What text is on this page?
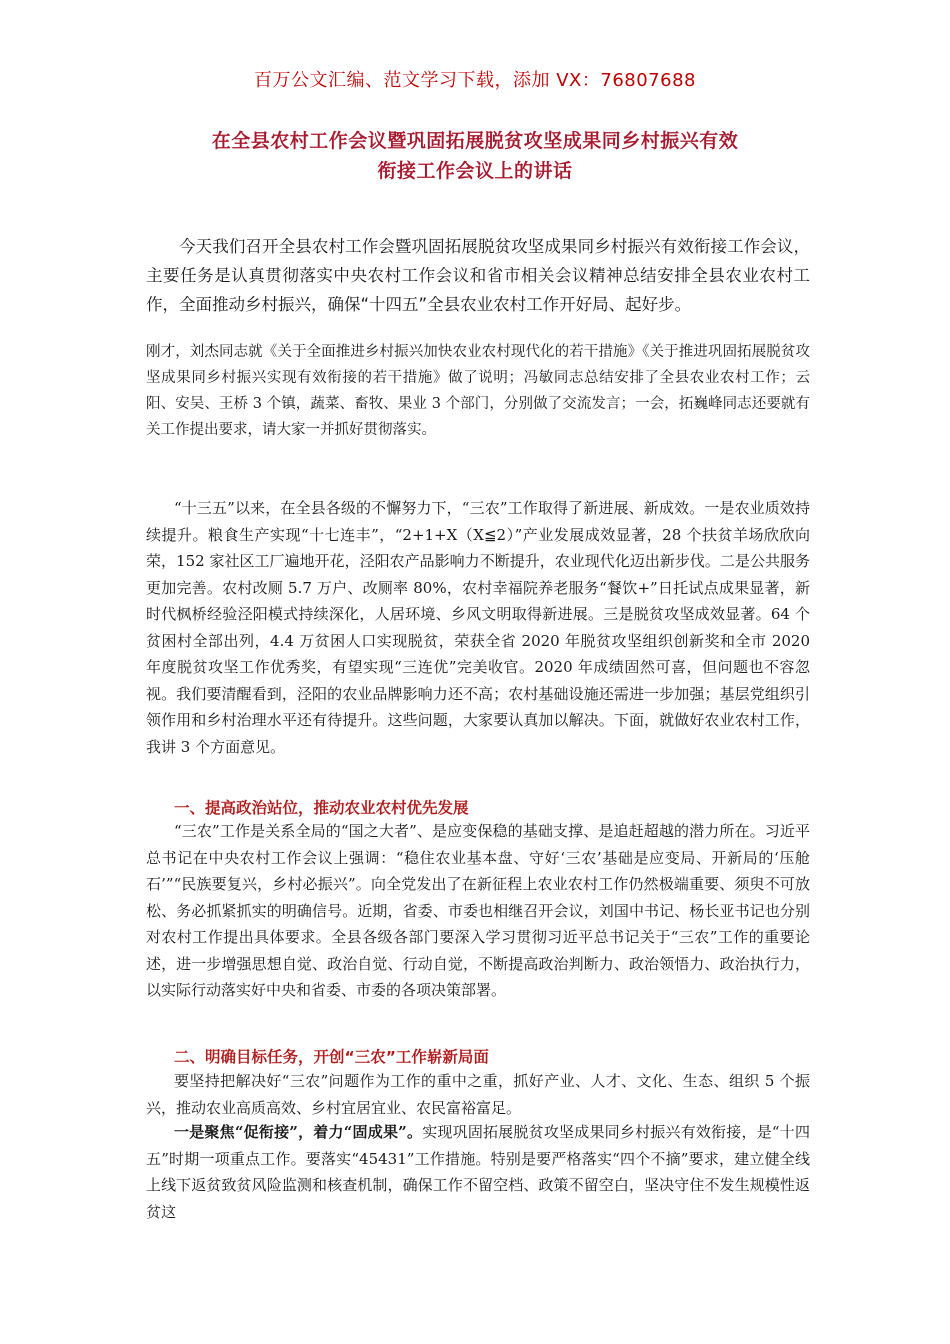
百万公文汇编、范文学习下载，添加 VX：76807688
在全县农村工作会议暨巩固拓展脱贫攻坚成果同乡村振兴有效
衔接工作会议上的讲话

今天我们召开全县农村工作会暨巩固拓展脱贫攻坚成果同乡村振兴有效衔接工作会议，主要任务是认真贯彻落实中央农村工作会议和省市相关会议精神总结安排全县农业农村工作，全面推动乡村振兴，确保“十四五”全县农业农村工作开好局、起好步。

刚才，刘杰同志就《关于全面推进乡村振兴加快农业农村现代化的若干措施》《关于推进巩固拓展脱贫攻坚成果同乡村振兴实现有效衔接的若干措施》做了说明；冯敏同志总结安排了全县农业农村工作；云阳、安吴、王桥 3 个镇，蔬菜、畜牧、果业 3 个部门，分别做了交流发言；一会，拓巍峰同志还要就有关工作提出要求，请大家一并抓好贯彻落实。

“十三五”以来，在全县各级的不懈努力下，“三农”工作取得了新进展、新成效。一是农业质效持续提升。粮食生产实现“十七连丰”，“2+1+X（X≦2）”产业发展成效显著，28 个扶贫羊场欣欣向荣，152 家社区工厂遍地开花，泾阳农产品影响力不断提升，农业现代化迈出新步伐。二是公共服务更加完善。农村改厕 5.7 万户、改厕率 80%，农村幸福院养老服务“餐饮+”日托试点成果显著，新时代枫桥经验泾阳模式持续深化，人居环境、乡风文明取得新进展。三是脱贫攻坚成效显著。64 个贫困村全部出列，4.4 万贫困人口实现脱贫，荣获全省 2020 年脱贫攻坚组织创新奖和全市 2020 年度脱贫攻坚工作优秀奖，有望实现“三连优”完美收官。2020 年成绩固然可喜，但问题也不容忽视。我们要清醒看到，泾阳的农业品牌影响力还不高；农村基础设施还需进一步加强；基层党组织引领作用和乡村治理水平还有待提升。这些问题，大家要认真加以解决。下面，就做好农业农村工作，我讲 3 个方面意见。

一、提高政治站位，推动农业农村优先发展

“三农”工作是关系全局的“国之大者”、是应变保稳的基础支撑、是追赶超越的潜力所在。习近平总书记在中央农村工作会议上强调：“稳住农业基本盘、守好‘三农’基础是应变局、开新局的‘压舱石’”“民族要复兴，乡村必振兴”。向全党发出了在新征程上农业农村工作仍然极端重要、须臾不可放松、务必抓紧抓实的明确信号。近期，省委、市委也相继召开会议，刘国中书记、杨长亚书记也分别对农村工作提出具体要求。全县各级各部门要深入学习贯彻习近平总书记关于“三农”工作的重要论述，进一步增强思想自觉、政治自觉、行动自觉，不断提高政治判断力、政治领悟力、政治执行力，以实际行动落实好中央和省委、市委的各项决策部署。

二、明确目标任务，开创“三农”工作崭新局面

要坚持把解决好“三农”问题作为工作的重中之重，抓好产业、人才、文化、生态、组织 5 个振兴，推动农业高质高效、乡村宜居宜业、农民富裕富足。

一是聚焦“促衔接”，着力“固成果”。实现巩固拓展脱贫攻坚成果同乡村振兴有效衔接，是“十四五”时期一项重点工作。要落实“45431”工作措施。特别是要严格落实“四个不摘”要求，建立健全线上线下返贫致贫风险监测和核查机制，确保工作不留空档、政策不留空白，坚决守住不发生规模性返贫这
